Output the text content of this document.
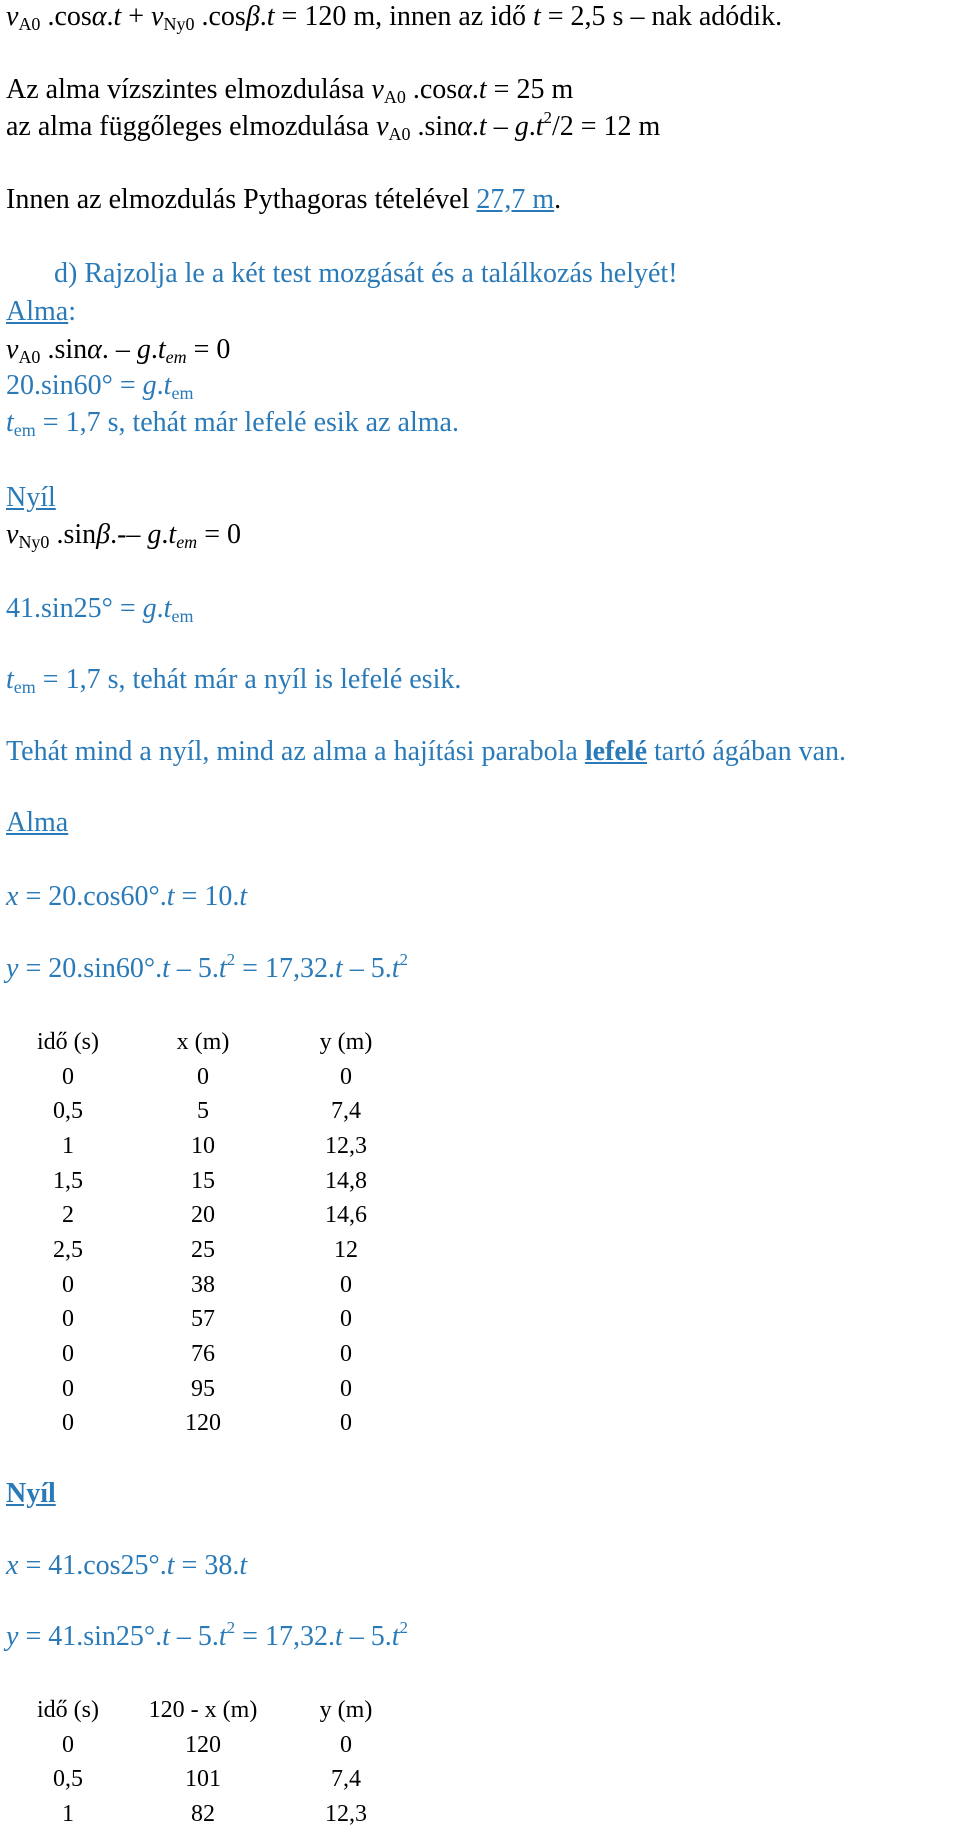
$v_{A0}$ $.\cos\alpha.t + v_{Ny0}$ .cosβ.t = 120 m, innen az idő t = 2,5 s – nak adódik.
Az alma vízszintes elmozdulása $v_{A0}$ .cosα.t = 25 m
az alma függőleges elmozdulása $v_{A0}$ $.\sin\alpha.t - g.t^2/2 = 12$ m
Innen az elmozdulás Pythagoras tételével 27,7 m.
d) Rajzolja le a két test mozgását és a találkozás helyét!
Alma:
$v_{A0}$ .sinα. – $g.t_{em} = 0$
$20.\sin 60^\circ = g.t_{em}$
$t_{em} = 1,7$ s, tehát már lefelé esik az alma.
Nyíl
$v_{Ny0}$ .sinβ.-– $g.t_{em} = 0$
$41.\sin 25^\circ = g.t_{em}$
$t_{em} = 1,7$ s, tehát már a nyíl is lefelé esik.
Tehát mind a nyíl, mind az alma a hajítási parabola lefelé tartó ágában van.
Alma
x = 20.cos60°.t = 10.t
$y = 20.\sin 60^\circ.t - 5.t^2 = 17,32.t - 5.t^2$
idő (s)	x (m)	y (m)
0	0	0
0,5	5	7,4
1	10	12,3
1,5	15	14,8
2	20	14,6
2,5	25	12
0	38	0
0	57	0
0	76	0
0	95	0
0	120	0
Nyíl
x = 41.cos25°.t = 38.t
$y = 41.\sin 25^\circ.t - 5.t^2 = 17,32.t - 5.t^2$
idő (s)	120 - x (m)	y (m)
0	120	0
0,5	101	7,4
1	82	12,3
